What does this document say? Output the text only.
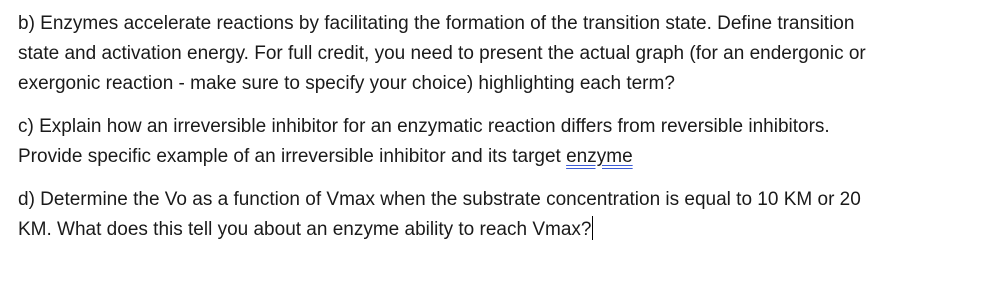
b) Enzymes accelerate reactions by facilitating the formation of the transition state. Define transition
state and activation energy. For full credit, you need to present the actual graph (for an endergonic or
exergonic reaction - make sure to specify your choice) highlighting each term?

c) Explain how an irreversible inhibitor for an enzymatic reaction differs from reversible inhibitors.
Provide specific example of an irreversible inhibitor and its target enzyme

d) Determine the Vo as a function of Vmax when the substrate concentration is equal to 10 KM or 20
KM. What does this tell you about an enzyme ability to reach Vmax?
